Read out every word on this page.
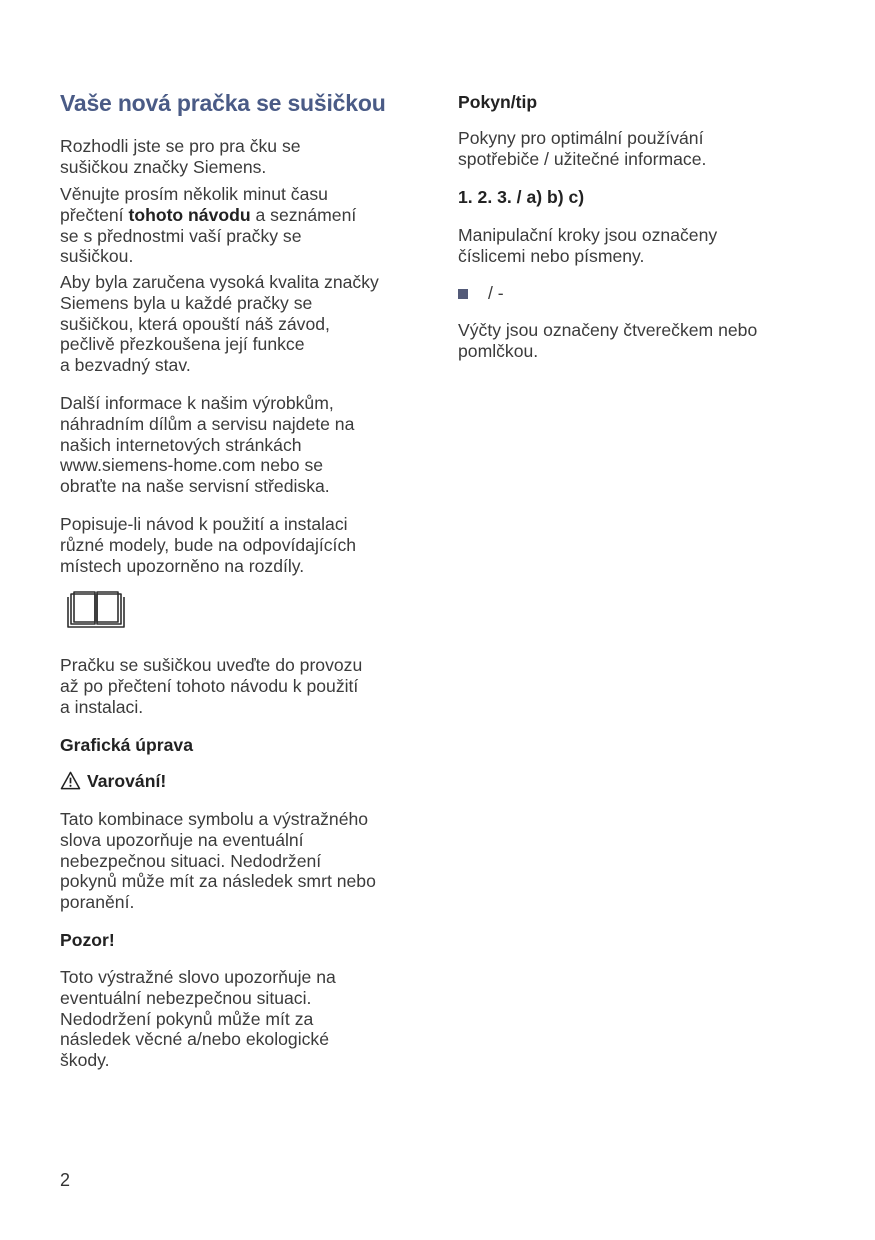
Vaše nová pračka se sušičkou

Rozhodli jste se pro pra čku se
sušičkou značky Siemens.

Věnujte prosím několik minut času
přečtení tohoto návodu a seznámení
se s přednostmi vaší pračky se
sušičkou.

Aby byla zaručena vysoká kvalita značky
Siemens byla u každé pračky se
sušičkou, která opouští náš závod,
pečlivě přezkoušena její funkce
a bezvadný stav.

Další informace k našim výrobkům,
náhradním dílům a servisu najdete na
našich internetových stránkách
www.siemens-home.com nebo se
obraťte na naše servisní střediska.

Popisuje-li návod k použití a instalaci
různé modely, bude na odpovídajících
místech upozorněno na rozdíly.

Pračku se sušičkou uveďte do provozu
až po přečtení tohoto návodu k použití
a instalaci.

Grafická úprava
Varování!

Tato kombinace symbolu a výstražného
slova upozorňuje na eventuální
nebezpečnou situaci. Nedodržení
pokynů může mít za následek smrt nebo
poranění.

Pozor!

Toto výstražné slovo upozorňuje na
eventuální nebezpečnou situaci.
Nedodržení pokynů může mít za
následek věcné a/nebo ekologické
škody.

Pokyn/tip

Pokyny pro optimální používání
spotřebiče / užitečné informace.

1. 2. 3. / a) b) c)

Manipulační kroky jsou označeny
číslicemi nebo písmeny.

/ -

Výčty jsou označeny čtverečkem nebo
pomlčkou.

2
